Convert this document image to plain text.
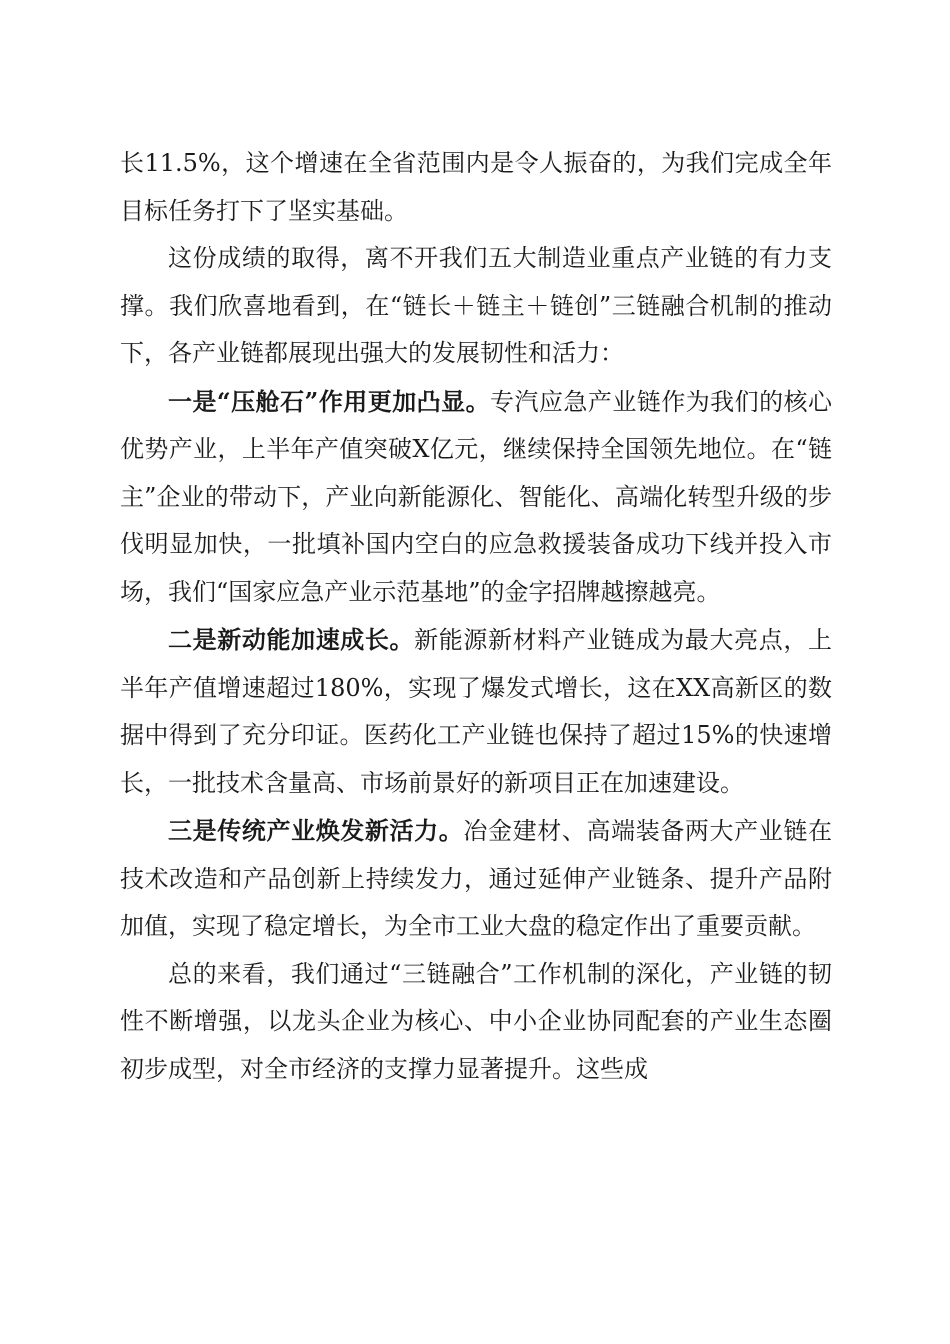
长11.5%，这个增速在全省范围内是令人振奋的，为我们完成全年目标任务打下了坚实基础。

这份成绩的取得，离不开我们五大制造业重点产业链的有力支撑。我们欣喜地看到，在“链长＋链主＋链创”三链融合机制的推动下，各产业链都展现出强大的发展韧性和活力：

一是“压舱石”作用更加凸显。专汽应急产业链作为我们的核心优势产业，上半年产值突破X亿元，继续保持全国领先地位。在“链主”企业的带动下，产业向新能源化、智能化、高端化转型升级的步伐明显加快，一批填补国内空白的应急救援装备成功下线并投入市场，我们“国家应急产业示范基地”的金字招牌越擦越亮。

二是新动能加速成长。新能源新材料产业链成为最大亮点，上半年产值增速超过180%，实现了爆发式增长，这在XX高新区的数据中得到了充分印证。医药化工产业链也保持了超过15%的快速增长，一批技术含量高、市场前景好的新项目正在加速建设。

三是传统产业焕发新活力。冶金建材、高端装备两大产业链在技术改造和产品创新上持续发力，通过延伸产业链条、提升产品附加值，实现了稳定增长，为全市工业大盘的稳定作出了重要贡献。

总的来看，我们通过“三链融合”工作机制的深化，产业链的韧性不断增强，以龙头企业为核心、中小企业协同配套的产业生态圈初步成型，对全市经济的支撑力显著提升。这些成
